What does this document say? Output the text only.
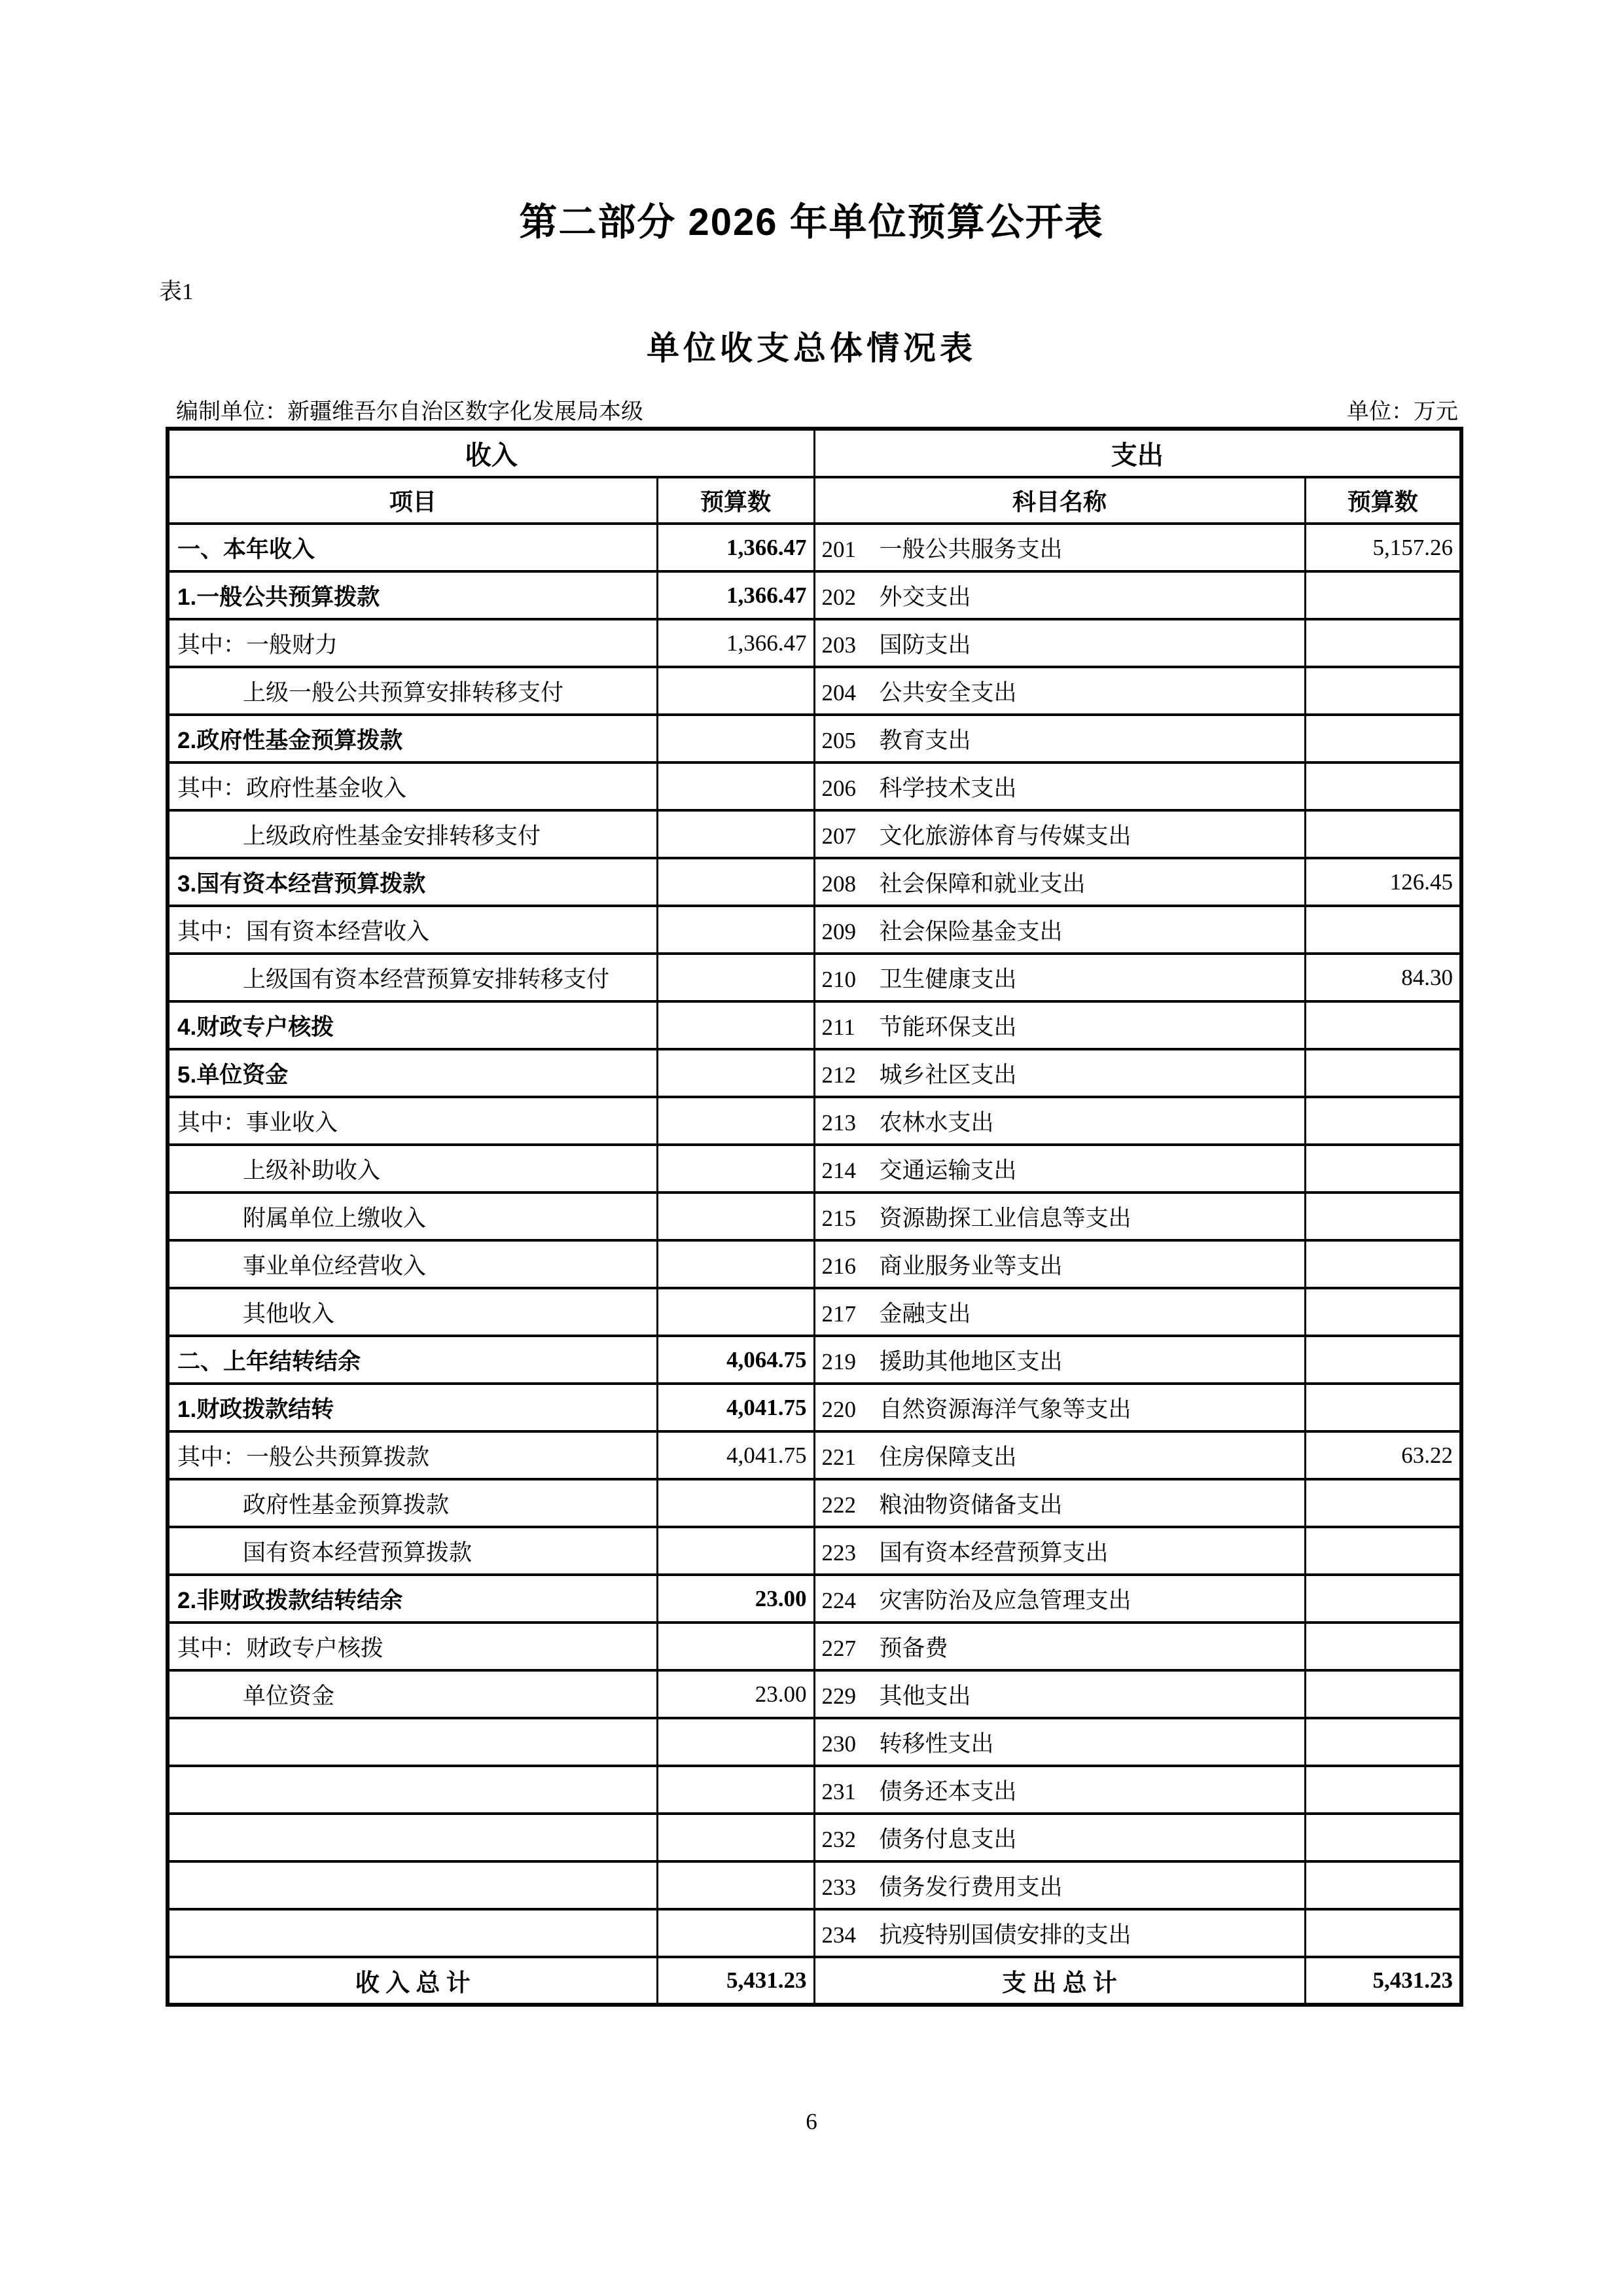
第二部分 2026 年单位预算公开表
表1
单位收支总体情况表
编制单位：新疆维吾尔自治区数字化发展局本级	单位：万元
收入		支出	
项目	预算数	科目名称	预算数
一、本年收入	1,366.47	201 一般公共服务支出	5,157.26
1.一般公共预算拨款	1,366.47	202 外交支出	
其中：一般财力	1,366.47	203 国防支出	
上级一般公共预算安排转移支付		204 公共安全支出	
2.政府性基金预算拨款		205 教育支出	
其中：政府性基金收入		206 科学技术支出	
上级政府性基金安排转移支付		207 文化旅游体育与传媒支出	
3.国有资本经营预算拨款		208 社会保障和就业支出	126.45
其中：国有资本经营收入		209 社会保险基金支出	
上级国有资本经营预算安排转移支付		210 卫生健康支出	84.30
4.财政专户核拨		211 节能环保支出	
5.单位资金		212 城乡社区支出	
其中：事业收入		213 农林水支出	
上级补助收入		214 交通运输支出	
附属单位上缴收入		215 资源勘探工业信息等支出	
事业单位经营收入		216 商业服务业等支出	
其他收入		217 金融支出	
二、上年结转结余	4,064.75	219 援助其他地区支出	
1.财政拨款结转	4,041.75	220 自然资源海洋气象等支出	
其中：一般公共预算拨款	4,041.75	221 住房保障支出	63.22
政府性基金预算拨款		222 粮油物资储备支出	
国有资本经营预算拨款		223 国有资本经营预算支出	
2.非财政拨款结转结余	23.00	224 灾害防治及应急管理支出	
其中：财政专户核拨		227 预备费	
单位资金	23.00	229 其他支出	
		230 转移性支出	
		231 债务还本支出	
		232 债务付息支出	
		233 债务发行费用支出	
		234 抗疫特别国债安排的支出	
收 入 总 计	5,431.23	支 出 总 计	5,431.23
6
